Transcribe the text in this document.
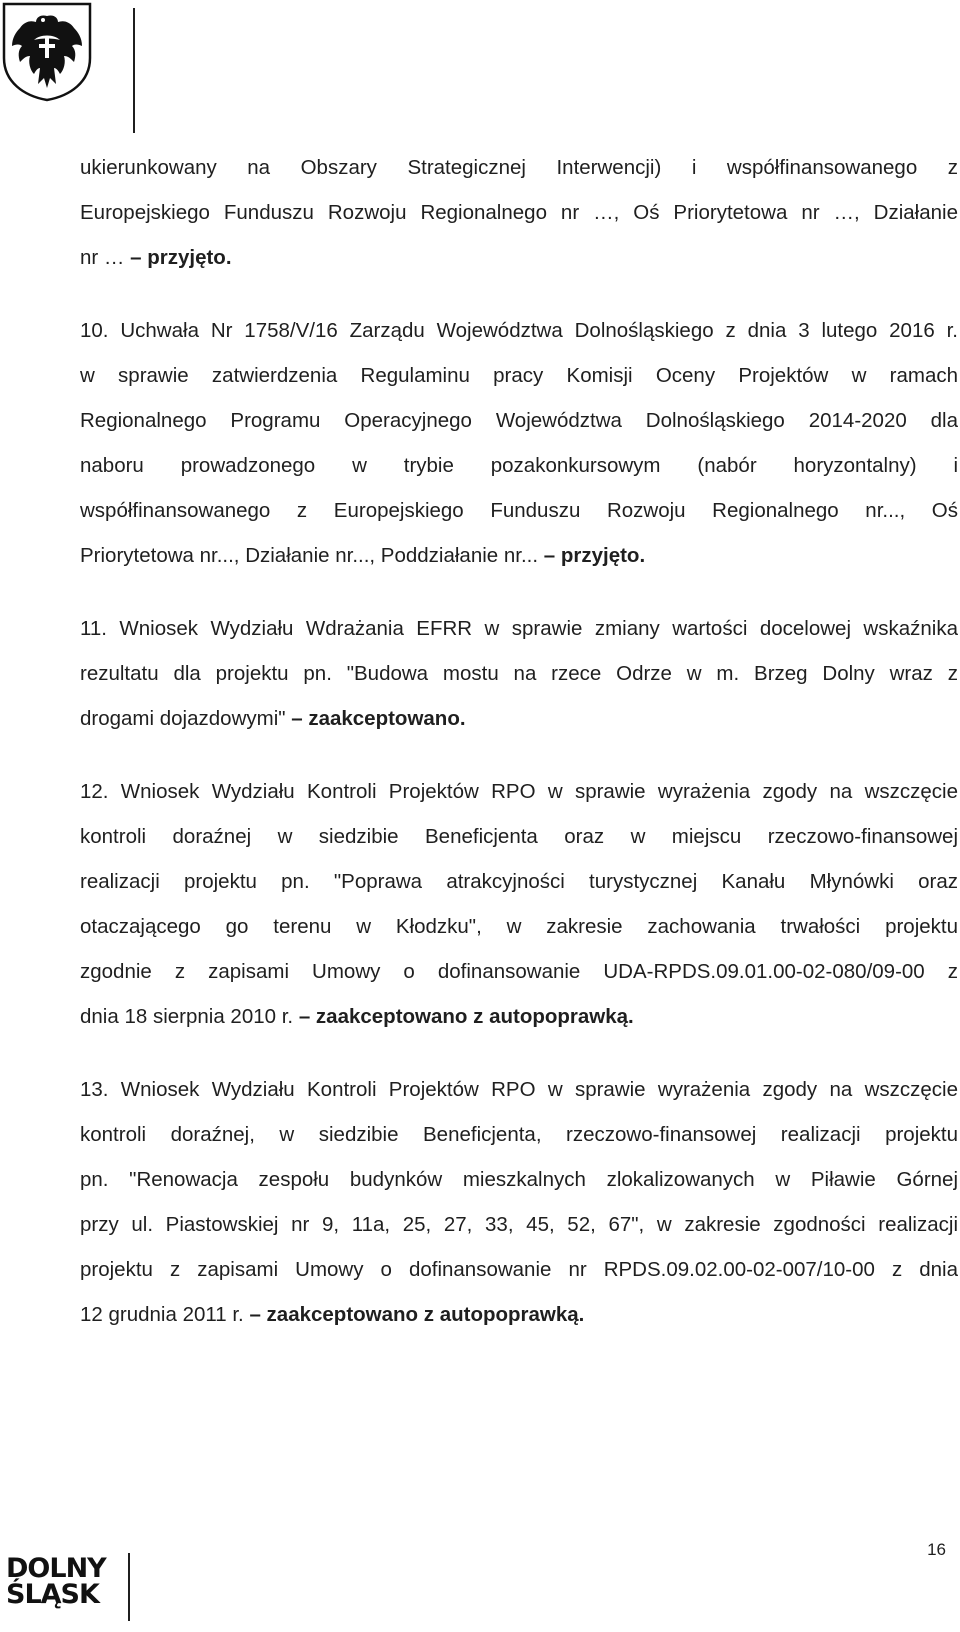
ukierunkowany na Obszary Strategicznej Interwencji) i współfinansowanego z
Europejskiego Funduszu Rozwoju Regionalnego nr …, Oś Priorytetowa nr …, Działanie
nr … – przyjęto.
10. Uchwała Nr 1758/V/16 Zarządu Województwa Dolnośląskiego z dnia 3 lutego 2016 r.
w sprawie zatwierdzenia Regulaminu pracy Komisji Oceny Projektów w ramach
Regionalnego Programu Operacyjnego Województwa Dolnośląskiego 2014-2020 dla
naboru prowadzonego w trybie pozakonkursowym (nabór horyzontalny) i
współfinansowanego z Europejskiego Funduszu Rozwoju Regionalnego nr..., Oś
Priorytetowa nr..., Działanie nr..., Poddziałanie nr... – przyjęto.
11. Wniosek Wydziału Wdrażania EFRR w sprawie zmiany wartości docelowej wskaźnika
rezultatu dla projektu pn. "Budowa mostu na rzece Odrze w m. Brzeg Dolny wraz z
drogami dojazdowymi" – zaakceptowano.
12. Wniosek Wydziału Kontroli Projektów RPO w sprawie wyrażenia zgody na wszczęcie
kontroli doraźnej w siedzibie Beneficjenta oraz w miejscu rzeczowo-finansowej
realizacji projektu pn. "Poprawa atrakcyjności turystycznej Kanału Młynówki oraz
otaczającego go terenu w Kłodzku", w zakresie zachowania trwałości projektu
zgodnie z zapisami Umowy o dofinansowanie UDA-RPDS.09.01.00-02-080/09-00 z
dnia 18 sierpnia 2010 r. – zaakceptowano z autopoprawką.
13. Wniosek Wydziału Kontroli Projektów RPO w sprawie wyrażenia zgody na wszczęcie
kontroli doraźnej, w siedzibie Beneficjenta, rzeczowo-finansowej realizacji projektu
pn. "Renowacja zespołu budynków mieszkalnych zlokalizowanych w Piławie Górnej
przy ul. Piastowskiej nr 9, 11a, 25, 27, 33, 45, 52, 67", w zakresie zgodności realizacji
projektu z zapisami Umowy o dofinansowanie nr RPDS.09.02.00-02-007/10-00 z dnia
12 grudnia 2011 r. – zaakceptowano z autopoprawką.
16
DOLNY
ŚLĄSK
